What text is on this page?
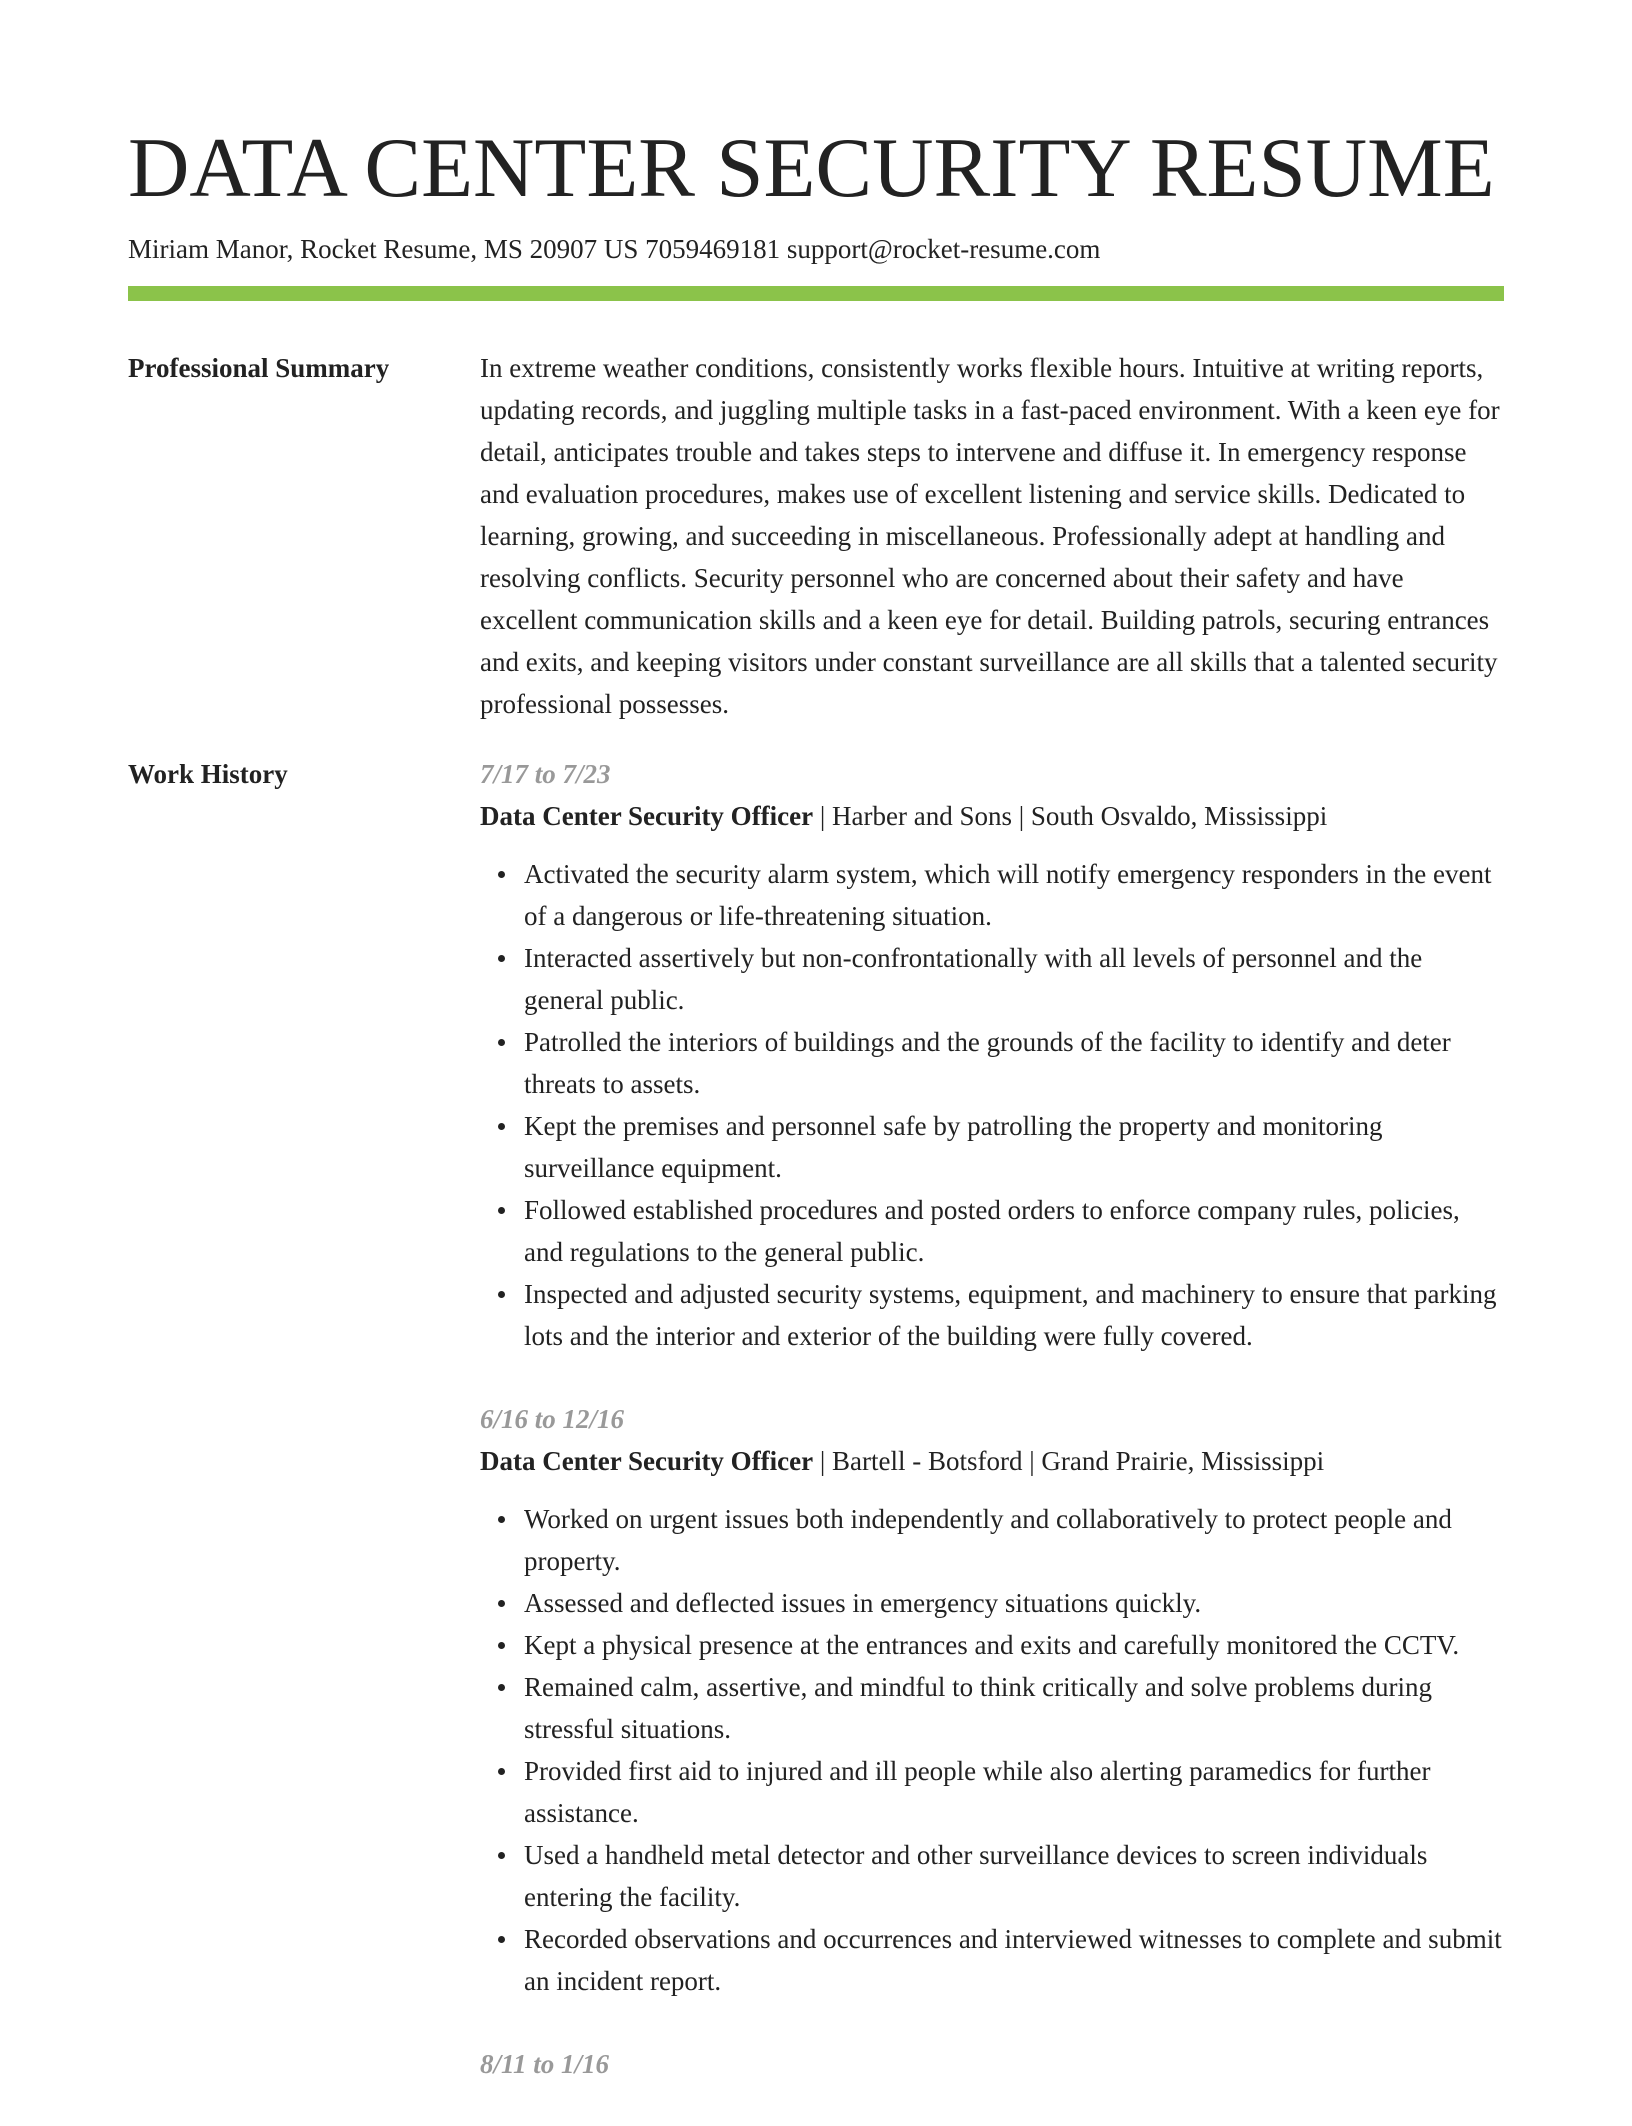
DATA CENTER SECURITY RESUME
Miriam Manor, Rocket Resume, MS 20907 US 7059469181 support@rocket-resume.com
Professional Summary	In extreme weather conditions, consistently works flexible hours. Intuitive at writing reports, updating records, and juggling multiple tasks in a fast-paced environment. With a keen eye for detail, anticipates trouble and takes steps to intervene and diffuse it. In emergency response and evaluation procedures, makes use of excellent listening and service skills. Dedicated to learning, growing, and succeeding in miscellaneous. Professionally adept at handling and resolving conflicts. Security personnel who are concerned about their safety and have excellent communication skills and a keen eye for detail. Building patrols, securing entrances and exits, and keeping visitors under constant surveillance are all skills that a talented security professional possesses.

Work History	7/17 to 7/23
Data Center Security Officer | Harber and Sons | South Osvaldo, Mississippi
Activated the security alarm system, which will notify emergency responders in the event of a dangerous or life-threatening situation.
Interacted assertively but non-confrontationally with all levels of personnel and the general public.
Patrolled the interiors of buildings and the grounds of the facility to identify and deter threats to assets.
Kept the premises and personnel safe by patrolling the property and monitoring surveillance equipment.
Followed established procedures and posted orders to enforce company rules, policies, and regulations to the general public.
Inspected and adjusted security systems, equipment, and machinery to ensure that parking lots and the interior and exterior of the building were fully covered.
6/16 to 12/16
Data Center Security Officer | Bartell - Botsford | Grand Prairie, Mississippi
Worked on urgent issues both independently and collaboratively to protect people and property.
Assessed and deflected issues in emergency situations quickly.
Kept a physical presence at the entrances and exits and carefully monitored the CCTV.
Remained calm, assertive, and mindful to think critically and solve problems during stressful situations.
Provided first aid to injured and ill people while also alerting paramedics for further assistance.
Used a handheld metal detector and other surveillance devices to screen individuals entering the facility.
Recorded observations and occurrences and interviewed witnesses to complete and submit an incident report.
8/11 to 1/16
